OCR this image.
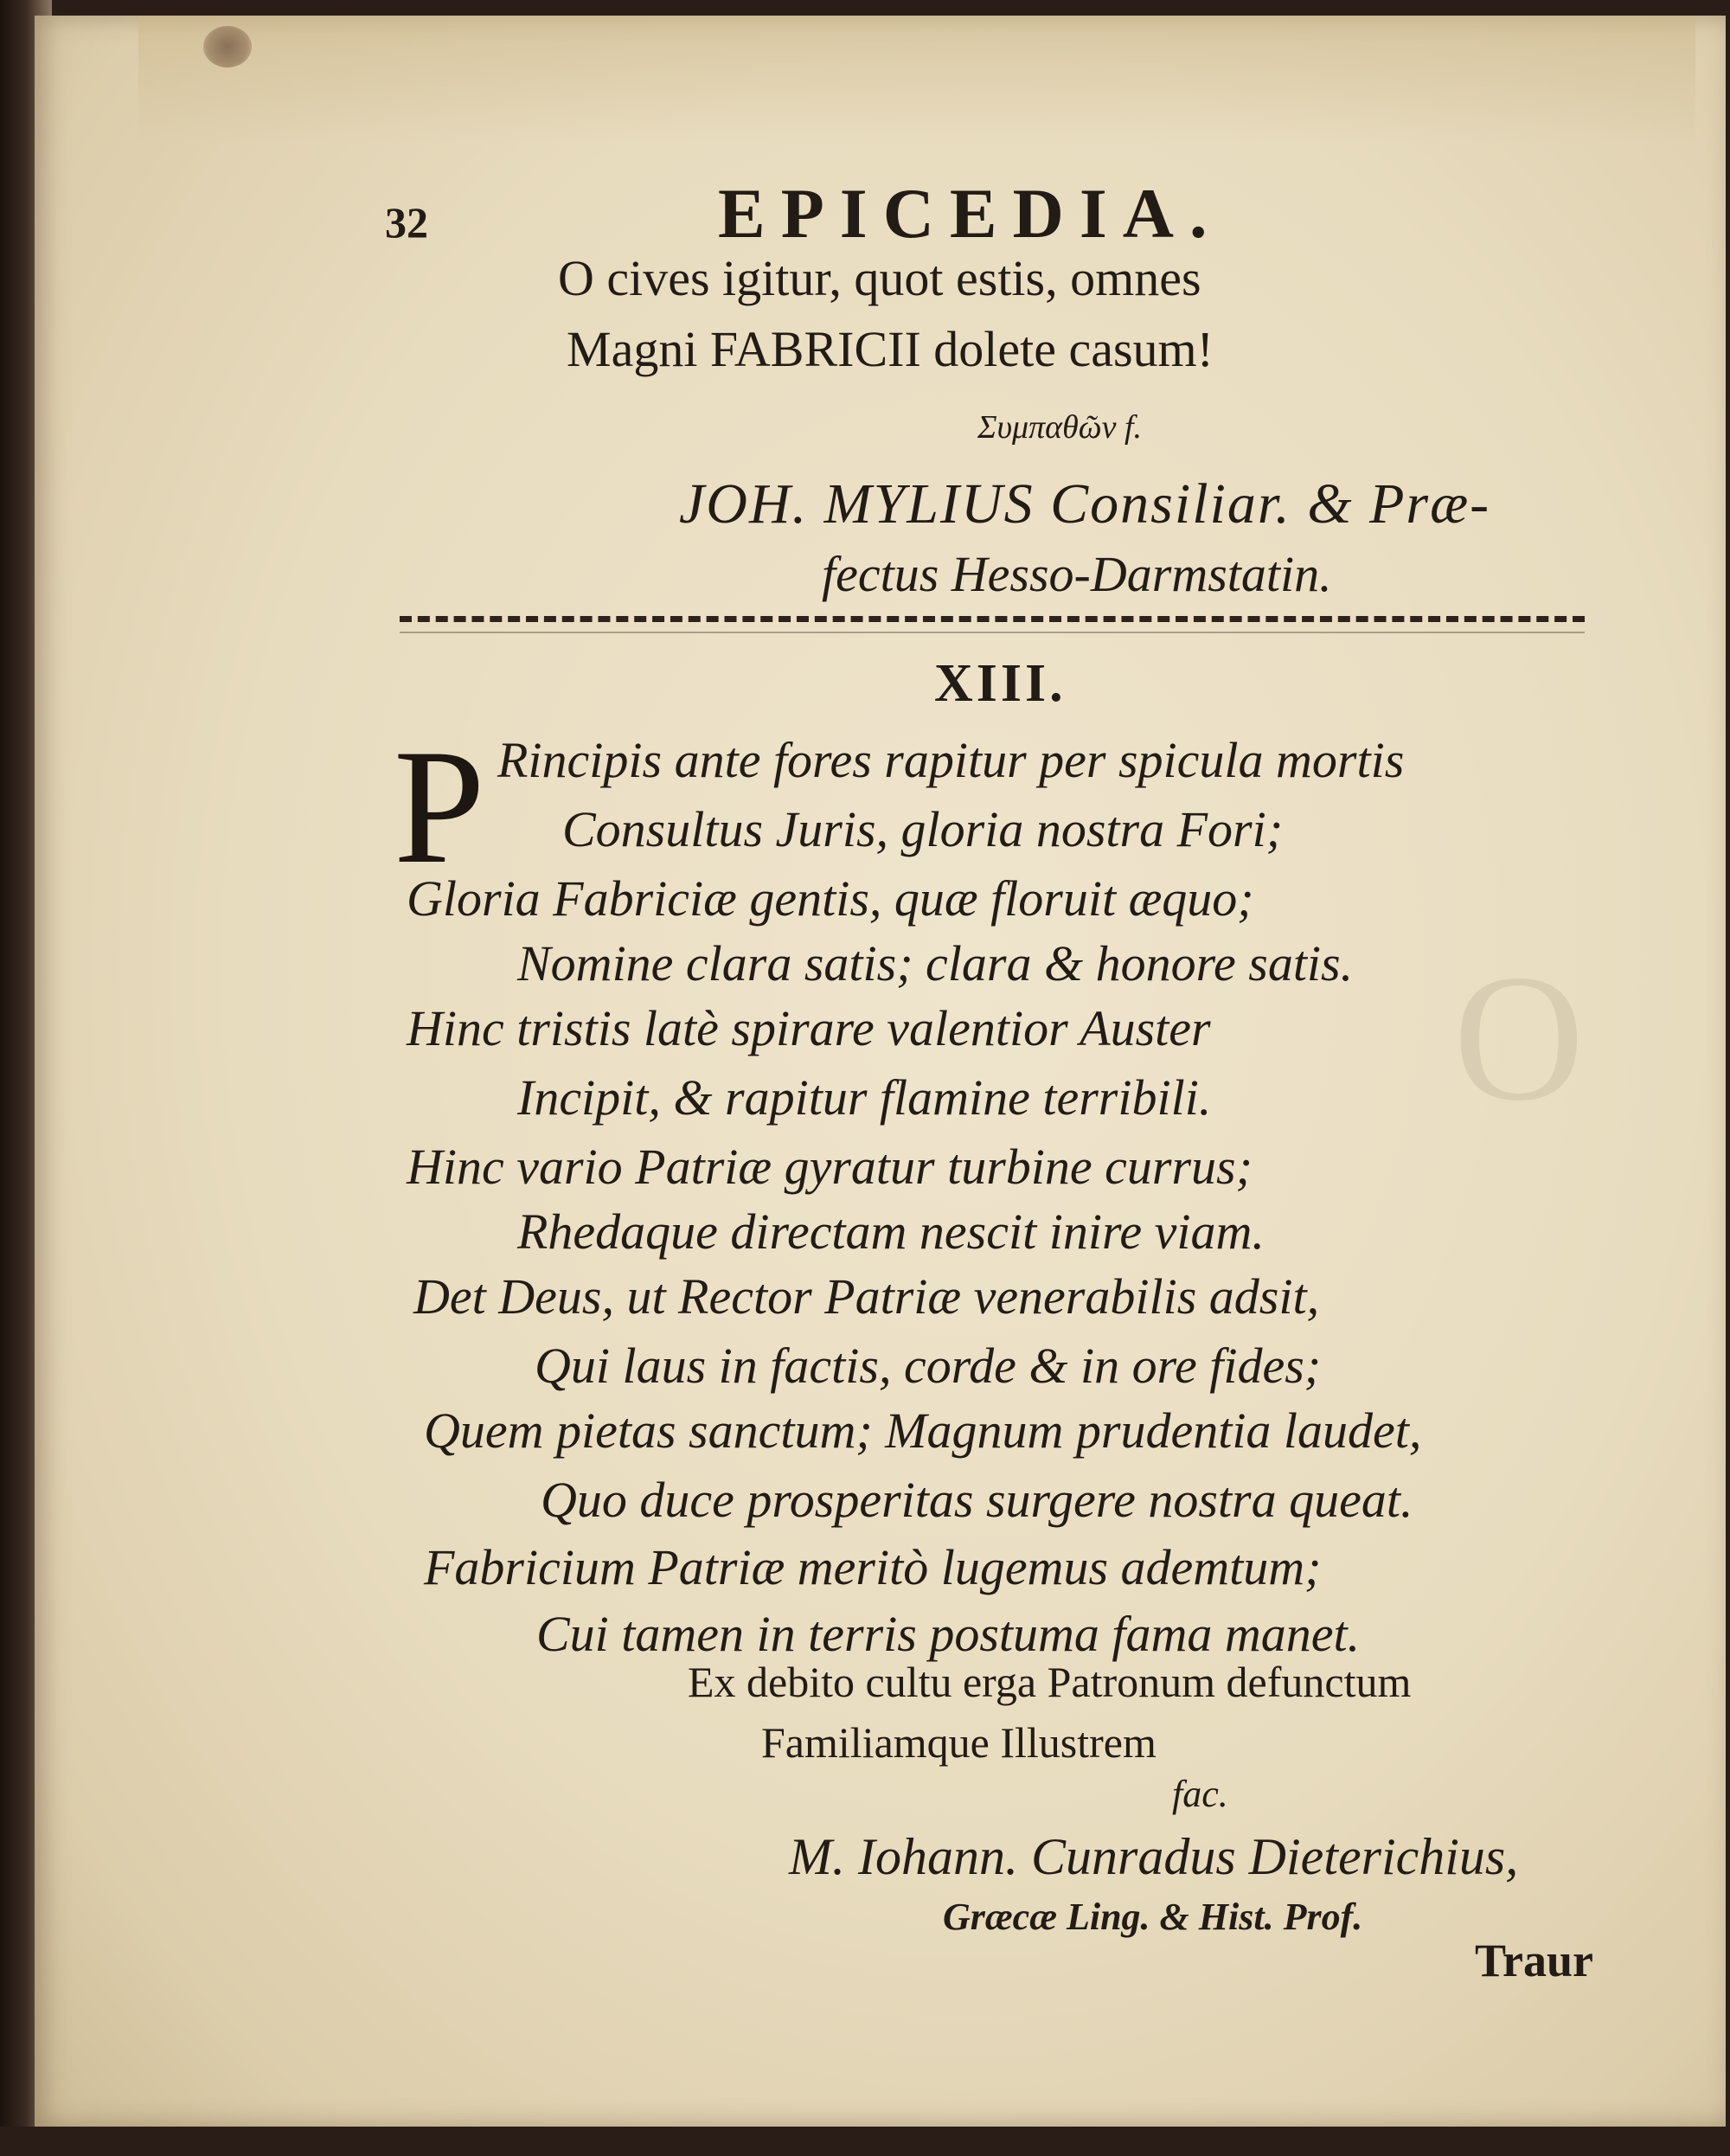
O
32	EPICEDIA.
O cives igitur, quot estis, omnes
Magni FABRICII dolete casum!
Συμπαθῶν f.
JOH. MYLIUS Consiliar. & Præ-
fectus Hesso-Darmstatin.
XIII.
P Rincipis ante fores rapitur per spicula mortis
Consultus Juris, gloria nostra Fori;
Gloria Fabriciæ gentis, quæ floruit æquo;
Nomine clara satis; clara & honore satis.
Hinc tristis latè spirare valentior Auster
Incipit, & rapitur flamine terribili.
Hinc vario Patriæ gyratur turbine currus;
Rhedaque directam nescit inire viam.
Det Deus, ut Rector Patriæ venerabilis adsit,
Qui laus in factis, corde & in ore fides;
Quem pietas sanctum; Magnum prudentia laudet,
Quo duce prosperitas surgere nostra queat.
Fabricium Patriæ meritò lugemus ademtum;
Cui tamen in terris postuma fama manet.
Ex debito cultu erga Patronum defunctum
Familiamque Illustrem
fac.
M. Iohann. Cunradus Dieterichius,
Græcæ Ling. & Hist. Prof.
Traur
